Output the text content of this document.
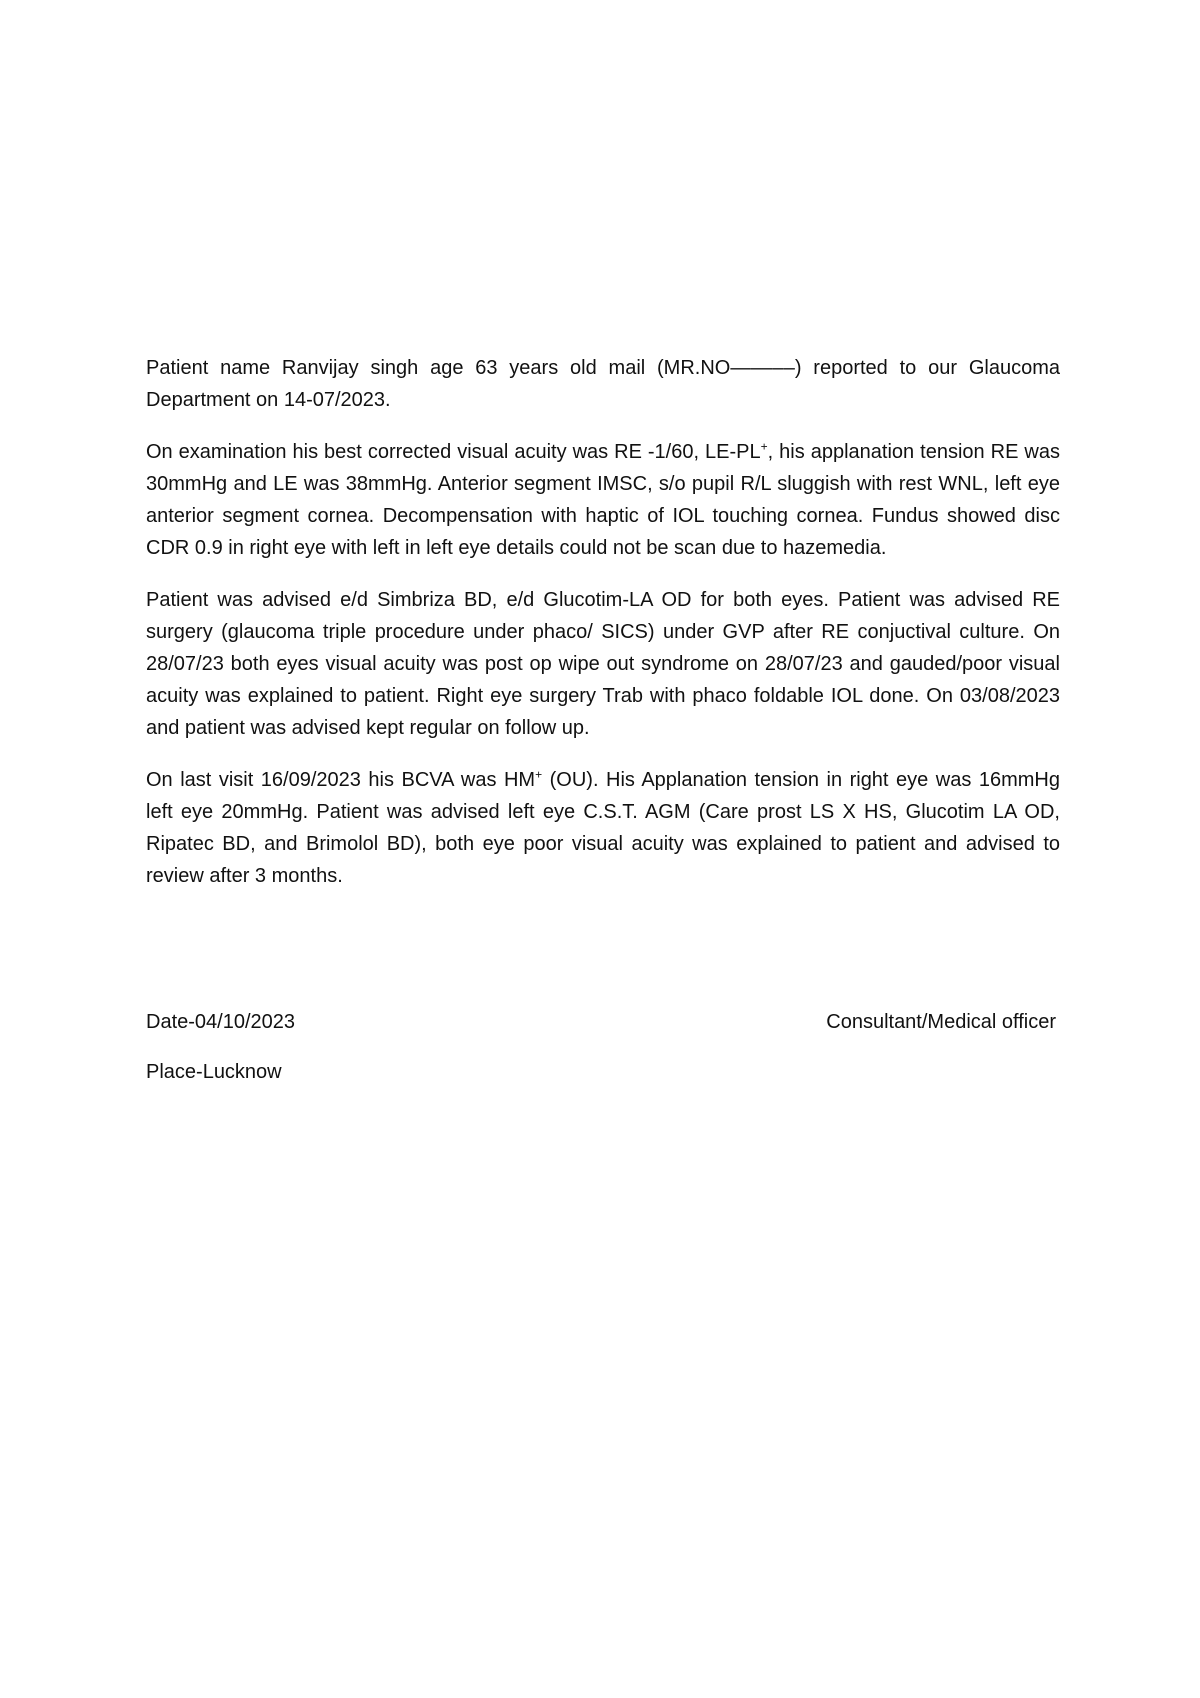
Patient name Ranvijay singh age 63 years old mail (MR.NO—––––) reported to our Glaucoma Department on 14-07/2023.

On examination his best corrected visual acuity was RE -1/60, LE-PL+, his applanation tension RE was 30mmHg and LE was 38mmHg. Anterior segment IMSC, s/o pupil R/L sluggish with rest WNL, left eye anterior segment cornea. Decompensation with haptic of IOL touching cornea. Fundus showed disc CDR 0.9 in right eye with left in left eye details could not be scan due to hazemedia.

Patient was advised e/d Simbriza BD, e/d Glucotim-LA OD for both eyes. Patient was advised RE surgery (glaucoma triple procedure under phaco/ SICS) under GVP after RE conjuctival culture. On 28/07/23 both eyes visual acuity was post op wipe out syndrome on 28/07/23 and gauded/poor visual acuity was explained to patient. Right eye surgery Trab with phaco foldable IOL done. On 03/08/2023 and patient was advised kept regular on follow up.

On last visit 16/09/2023 his BCVA was HM+ (OU). His Applanation tension in right eye was 16mmHg left eye 20mmHg. Patient was advised left eye C.S.T. AGM (Care prost LS X HS, Glucotim LA OD, Ripatec BD, and Brimolol BD), both eye poor visual acuity was explained to patient and advised to review after 3 months.

Date-04/10/2023	Consultant/Medical officer
Place-Lucknow
